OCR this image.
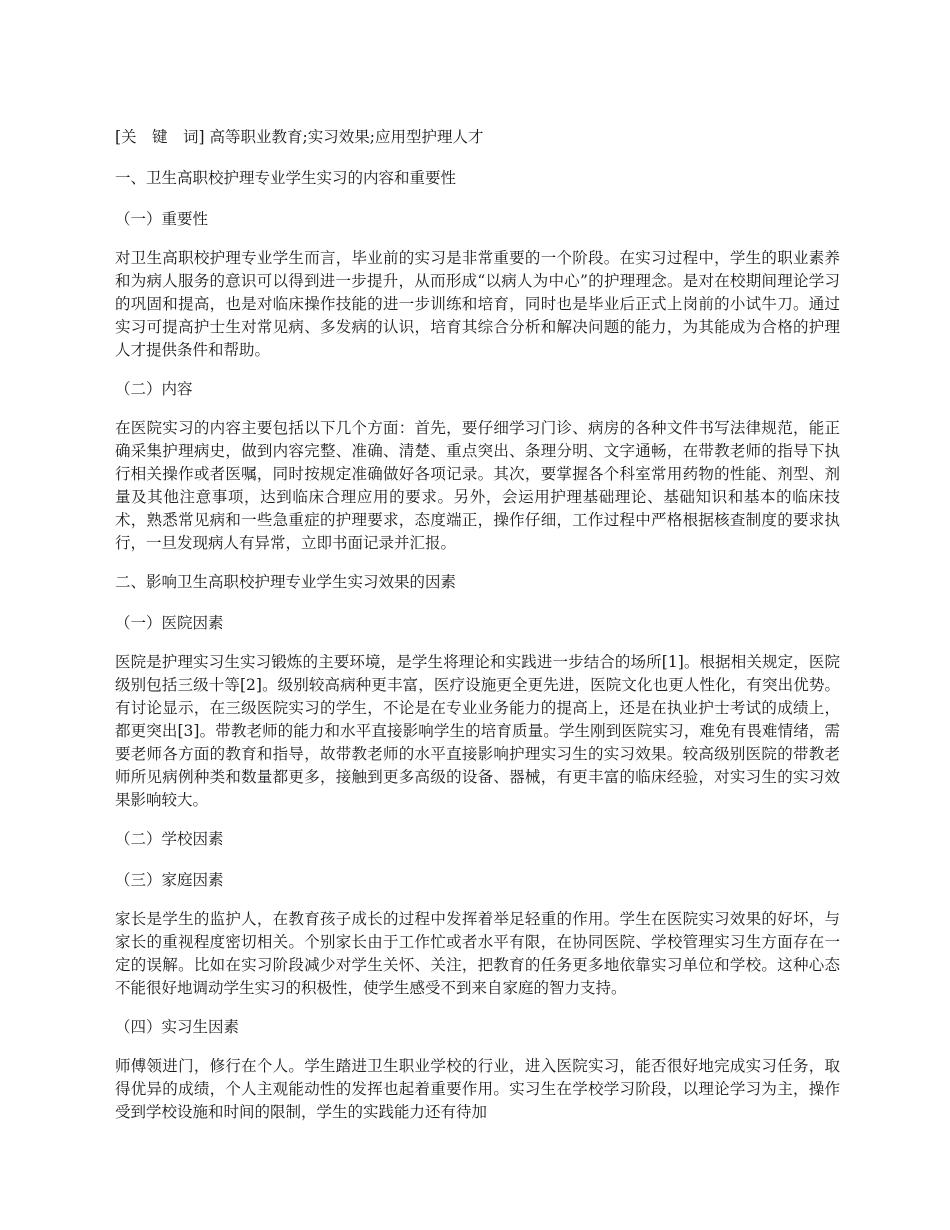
[关　键　词] 高等职业教育;实习效果;应用型护理人才

一、卫生高职校护理专业学生实习的内容和重要性

（一）重要性

对卫生高职校护理专业学生而言，毕业前的实习是非常重要的一个阶段。在实习过程中，学生的职业素养和为病人服务的意识可以得到进一步提升，从而形成“以病人为中心”的护理理念。是对在校期间理论学习的巩固和提高，也是对临床操作技能的进一步训练和培育，同时也是毕业后正式上岗前的小试牛刀。通过实习可提高护士生对常见病、多发病的认识，培育其综合分析和解决问题的能力，为其能成为合格的护理人才提供条件和帮助。

（二）内容

在医院实习的内容主要包括以下几个方面：首先，要仔细学习门诊、病房的各种文件书写法律规范，能正确采集护理病史，做到内容完整、准确、清楚、重点突出、条理分明、文字通畅，在带教老师的指导下执行相关操作或者医嘱，同时按规定准确做好各项记录。其次，要掌握各个科室常用药物的性能、剂型、剂量及其他注意事项，达到临床合理应用的要求。另外，会运用护理基础理论、基础知识和基本的临床技术，熟悉常见病和一些急重症的护理要求，态度端正，操作仔细，工作过程中严格根据核查制度的要求执行，一旦发现病人有异常，立即书面记录并汇报。

二、影响卫生高职校护理专业学生实习效果的因素

（一）医院因素

医院是护理实习生实习锻炼的主要环境，是学生将理论和实践进一步结合的场所[1]。根据相关规定，医院级别包括三级十等[2]。级别较高病种更丰富，医疗设施更全更先进，医院文化也更人性化，有突出优势。有讨论显示，在三级医院实习的学生，不论是在专业业务能力的提高上，还是在执业护士考试的成绩上，都更突出[3]。带教老师的能力和水平直接影响学生的培育质量。学生刚到医院实习，难免有畏难情绪，需要老师各方面的教育和指导，故带教老师的水平直接影响护理实习生的实习效果。较高级别医院的带教老师所见病例种类和数量都更多，接触到更多高级的设备、器械，有更丰富的临床经验，对实习生的实习效果影响较大。

（二）学校因素

（三）家庭因素

家长是学生的监护人，在教育孩子成长的过程中发挥着举足轻重的作用。学生在医院实习效果的好坏，与家长的重视程度密切相关。个别家长由于工作忙或者水平有限，在协同医院、学校管理实习生方面存在一定的误解。比如在实习阶段减少对学生关怀、关注，把教育的任务更多地依靠实习单位和学校。这种心态不能很好地调动学生实习的积极性，使学生感受不到来自家庭的智力支持。

（四）实习生因素

师傅领进门，修行在个人。学生踏进卫生职业学校的行业，进入医院实习，能否很好地完成实习任务，取得优异的成绩，个人主观能动性的发挥也起着重要作用。实习生在学校学习阶段，以理论学习为主，操作受到学校设施和时间的限制，学生的实践能力还有待加
